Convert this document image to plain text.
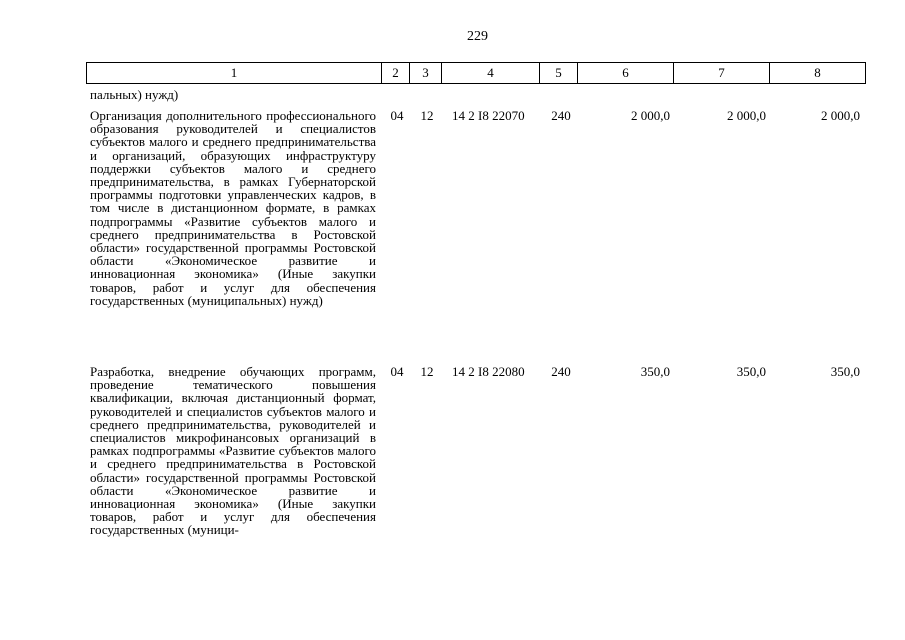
229
1	2	3	4	5	6	7	8
пальных) нужд)
Организация дополнительного профессионального образования руководителей и специалистов субъектов малого и среднего предпринимательства и организаций, образующих инфраструктуру поддержки субъектов малого и среднего предпринимательства, в рамках Губернаторской программы подготовки управленческих кадров, в том числе в дистанционном формате, в рамках подпрограммы «Развитие субъектов малого и среднего предпринимательства в Ростовской области» государственной программы Ростовской области «Экономическое развитие и инновационная экономика» (Иные закупки товаров, работ и услуг для обеспечения государственных (муниципальных) нужд)
04	12	14 2 I8 22070	240	2 000,0	2 000,0	2 000,0
Разработка, внедрение обучающих программ, проведение тематического повышения квалификации, включая дистанционный формат, руководителей и специалистов субъектов малого и среднего предпринимательства, руководителей и специалистов микрофинансовых организаций в рамках подпрограммы «Развитие субъектов малого и среднего предпринимательства в Ростовской области» государственной программы Ростовской области «Экономическое развитие и инновационная экономика» (Иные закупки товаров, работ и услуг для обеспечения государственных (муници-
04	12	14 2 I8 22080	240	350,0	350,0	350,0
